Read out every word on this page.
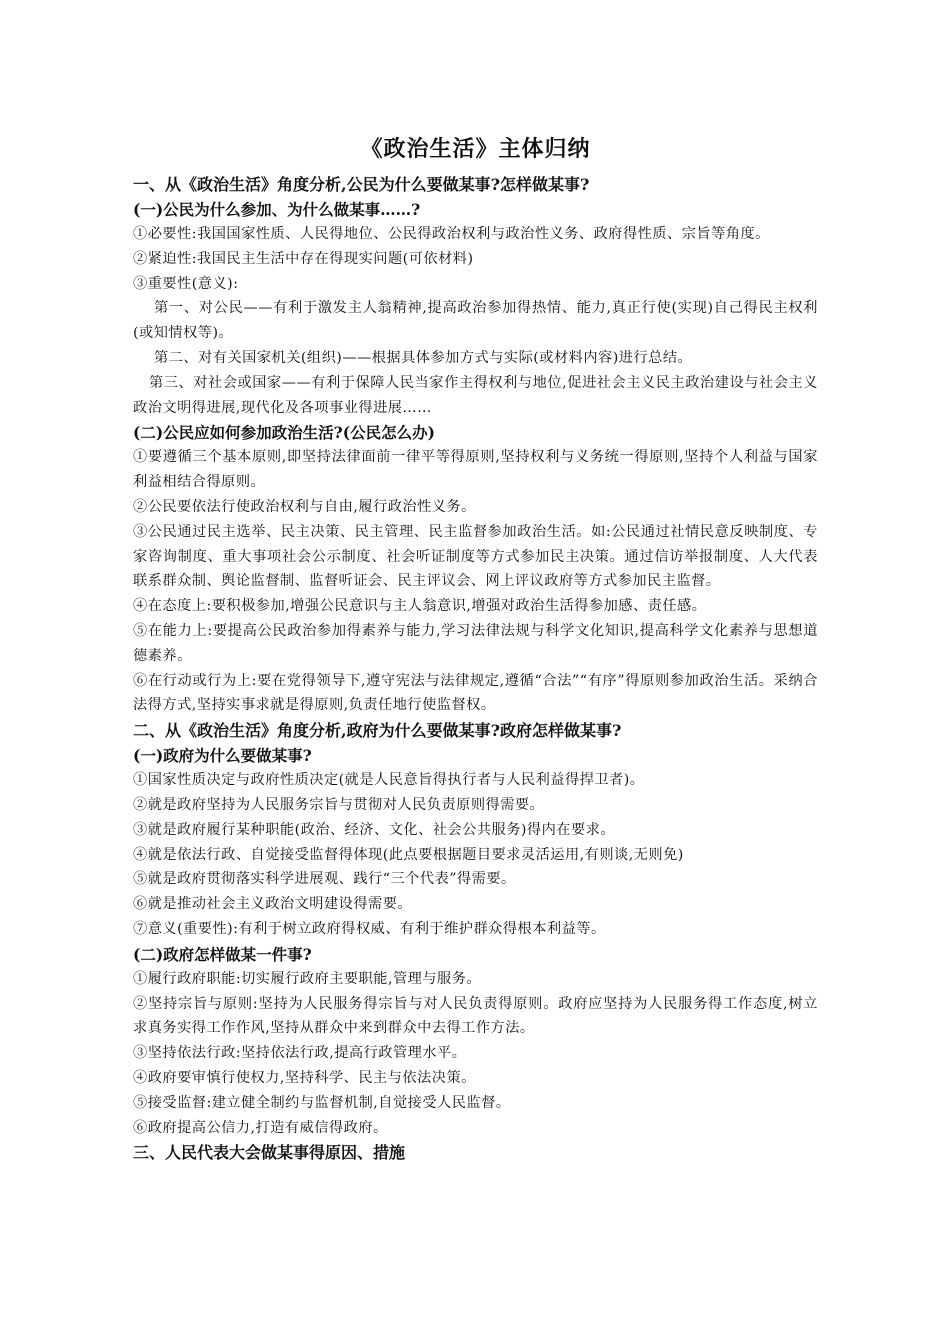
《政治生活》主体归纳
一、从《政治生活》角度分析,公民为什么要做某事?怎样做某事?
(一)公民为什么参加、为什么做某事……?

①必要性:我国国家性质、人民得地位、公民得政治权利与政治性义务、政府得性质、宗旨等角度。

②紧迫性:我国民主生活中存在得现实问题(可依材料)

③重要性(意义):

第一、对公民——有利于激发主人翁精神,提高政治参加得热情、能力,真正行使(实现)自己得民主权利(或知情权等)。

第二、对有关国家机关(组织)——根据具体参加方式与实际(或材料内容)进行总结。

第三、对社会或国家——有利于保障人民当家作主得权利与地位,促进社会主义民主政治建设与社会主义政治文明得进展,现代化及各项事业得进展……

(二)公民应如何参加政治生活?(公民怎么办)

①要遵循三个基本原则,即坚持法律面前一律平等得原则,坚持权利与义务统一得原则,坚持个人利益与国家利益相结合得原则。

②公民要依法行使政治权利与自由,履行政治性义务。

③公民通过民主选举、民主决策、民主管理、民主监督参加政治生活。如:公民通过社情民意反映制度、专家咨询制度、重大事项社会公示制度、社会听证制度等方式参加民主决策。通过信访举报制度、人大代表联系群众制、舆论监督制、监督听证会、民主评议会、网上评议政府等方式参加民主监督。

④在态度上:要积极参加,增强公民意识与主人翁意识,增强对政治生活得参加感、责任感。

⑤在能力上:要提高公民政治参加得素养与能力,学习法律法规与科学文化知识,提高科学文化素养与思想道德素养。

⑥在行动或行为上:要在党得领导下,遵守宪法与法律规定,遵循“合法”“有序”得原则参加政治生活。采纳合法得方式,坚持实事求就是得原则,负责任地行使监督权。

二、从《政治生活》角度分析,政府为什么要做某事?政府怎样做某事?
(一)政府为什么要做某事?

①国家性质决定与政府性质决定(就是人民意旨得执行者与人民利益得捍卫者)。

②就是政府坚持为人民服务宗旨与贯彻对人民负责原则得需要。

③就是政府履行某种职能(政治、经济、文化、社会公共服务)得内在要求。

④就是依法行政、自觉接受监督得体现(此点要根据题目要求灵活运用,有则谈,无则免)

⑤就是政府贯彻落实科学进展观、践行“三个代表”得需要。

⑥就是推动社会主义政治文明建设得需要。

⑦意义(重要性):有利于树立政府得权威、有利于维护群众得根本利益等。

(二)政府怎样做某一件事?

①履行政府职能:切实履行政府主要职能,管理与服务。

②坚持宗旨与原则:坚持为人民服务得宗旨与对人民负责得原则。政府应坚持为人民服务得工作态度,树立求真务实得工作作风,坚持从群众中来到群众中去得工作方法。

③坚持依法行政:坚持依法行政,提高行政管理水平。

④政府要审慎行使权力,坚持科学、民主与依法决策。

⑤接受监督:建立健全制约与监督机制,自觉接受人民监督。

⑥政府提高公信力,打造有威信得政府。

三、人民代表大会做某事得原因、措施
